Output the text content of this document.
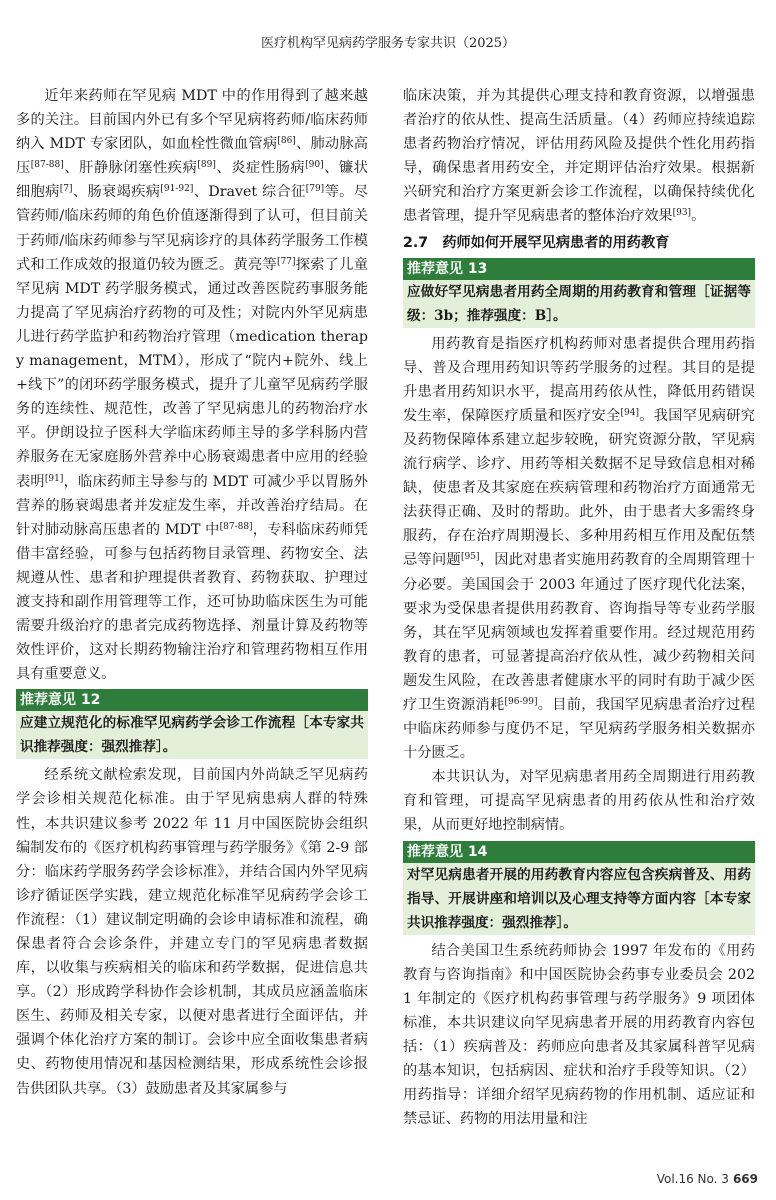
医疗机构罕见病药学服务专家共识（2025）

近年来药师在罕见病 MDT 中的作用得到了越来越多的关注。目前国内外已有多个罕见病将药师/临床药师纳入 MDT 专家团队，如血栓性微血管病[86]、肺动脉高压[87-88]、肝静脉闭塞性疾病[89]、炎症性肠病[90]、镰状细胞病[7]、肠衰竭疾病[91-92]、Dravet 综合征[79]等。尽管药师/临床药师的角色价值逐渐得到了认可，但目前关于药师/临床药师参与罕见病诊疗的具体药学服务工作模式和工作成效的报道仍较为匮乏。黄亮等[77]探索了儿童罕见病 MDT 药学服务模式，通过改善医院药事服务能力提高了罕见病治疗药物的可及性；对院内外罕见病患儿进行药学监护和药物治疗管理（medication therapy management，MTM），形成了“院内+院外、线上+线下”的闭环药学服务模式，提升了儿童罕见病药学服务的连续性、规范性，改善了罕见病患儿的药物治疗水平。伊朗设拉子医科大学临床药师主导的多学科肠内营养服务在无家庭肠外营养中心肠衰竭患者中应用的经验表明[91]，临床药师主导参与的 MDT 可减少乎以胃肠外营养的肠衰竭患者并发症发生率，并改善治疗结局。在针对肺动脉高压患者的 MDT 中[87-88]，专科临床药师凭借丰富经验，可参与包括药物目录管理、药物安全、法规遵从性、患者和护理提供者教育、药物获取、护理过渡支持和副作用管理等工作，还可协助临床医生为可能需要升级治疗的患者完成药物选择、剂量计算及药物等效性评价，这对长期药物输注治疗和管理药物相互作用具有重要意义。

推荐意见 12
应建立规范化的标准罕见病药学会诊工作流程［本专家共识推荐强度：强烈推荐］。

经系统文献检索发现，目前国内外尚缺乏罕见病药学会诊相关规范化标准。由于罕见病患病人群的特殊性，本共识建议参考 2022 年 11 月中国医院协会组织编制发布的《医疗机构药事管理与药学服务》《第 2-9 部分：临床药学服务药学会诊标准》，并结合国内外罕见病诊疗循证医学实践，建立规范化标准罕见病药学会诊工作流程：（1）建议制定明确的会诊申请标准和流程，确保患者符合会诊条件，并建立专门的罕见病患者数据库，以收集与疾病相关的临床和药学数据，促进信息共享。（2）形成跨学科协作会诊机制，其成员应涵盖临床医生、药师及相关专家，以便对患者进行全面评估，并强调个体化治疗方案的制订。会诊中应全面收集患者病史、药物使用情况和基因检测结果，形成系统性会诊报告供团队共享。（3）鼓励患者及其家属参与

临床决策，并为其提供心理支持和教育资源，以增强患者治疗的依从性、提高生活质量。（4）药师应持续追踪患者药物治疗情况，评估用药风险及提供个性化用药指导，确保患者用药安全，并定期评估治疗效果。根据新兴研究和治疗方案更新会诊工作流程，以确保持续优化患者管理，提升罕见病患者的整体治疗效果[93]。

2.7　药师如何开展罕见病患者的用药教育
推荐意见 13
应做好罕见病患者用药全周期的用药教育和管理［证据等级：3b；推荐强度：B］。

用药教育是指医疗机构药师对患者提供合理用药指导、普及合理用药知识等药学服务的过程。其目的是提升患者用药知识水平，提高用药依从性，降低用药错误发生率，保障医疗质量和医疗安全[94]。我国罕见病研究及药物保障体系建立起步较晚，研究资源分散，罕见病流行病学、诊疗、用药等相关数据不足导致信息相对稀缺，使患者及其家庭在疾病管理和药物治疗方面通常无法获得正确、及时的帮助。此外，由于患者大多需终身服药，存在治疗周期漫长、多种用药相互作用及配伍禁忌等问题[95]，因此对患者实施用药教育的全周期管理十分必要。美国国会于 2003 年通过了医疗现代化法案，要求为受保患者提供用药教育、咨询指导等专业药学服务，其在罕见病领域也发挥着重要作用。经过规范用药教育的患者，可显著提高治疗依从性，减少药物相关问题发生风险，在改善患者健康水平的同时有助于减少医疗卫生资源消耗[96-99]。目前，我国罕见病患者治疗过程中临床药师参与度仍不足，罕见病药学服务相关数据亦十分匮乏。

本共识认为，对罕见病患者用药全周期进行用药教育和管理，可提高罕见病患者的用药依从性和治疗效果，从而更好地控制病情。

推荐意见 14
对罕见病患者开展的用药教育内容应包含疾病普及、用药指导、开展讲座和培训以及心理支持等方面内容［本专家共识推荐强度：强烈推荐］。

结合美国卫生系统药师协会 1997 年发布的《用药教育与咨询指南》和中国医院协会药事专业委员会 2021 年制定的《医疗机构药事管理与药学服务》9 项团体标准，本共识建议向罕见病患者开展的用药教育内容包括：（1）疾病普及：药师应向患者及其家属科普罕见病的基本知识，包括病因、症状和治疗手段等知识。（2）用药指导：详细介绍罕见病药物的作用机制、适应证和禁忌证、药物的用法用量和注

Vol.16 No. 3 669
